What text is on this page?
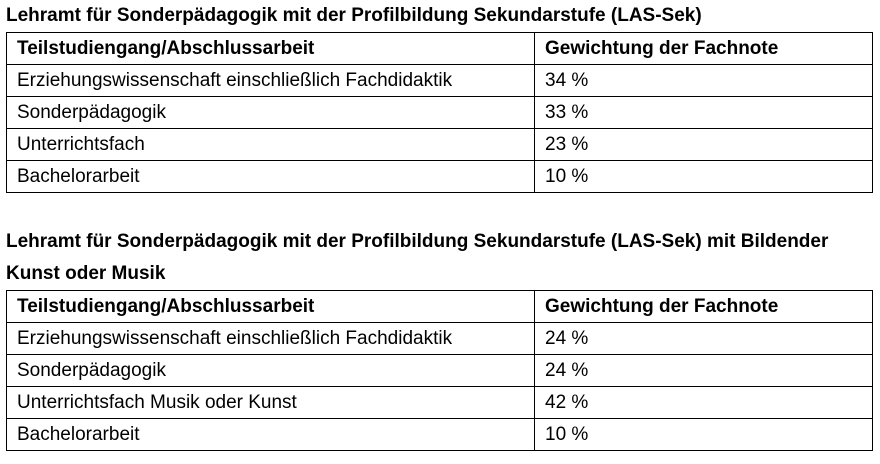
Lehramt für Sonderpädagogik mit der Profilbildung Sekundarstufe (LAS-Sek)

Teilstudiengang/Abschlussarbeit	Gewichtung der Fachnote
Erziehungswissenschaft einschließlich Fachdidaktik	34 %
Sonderpädagogik	33 %
Unterrichtsfach	23 %
Bachelorarbeit	10 %
Lehramt für Sonderpädagogik mit der Profilbildung Sekundarstufe (LAS-Sek) mit Bildender
Kunst oder Musik
Teilstudiengang/Abschlussarbeit	Gewichtung der Fachnote
Erziehungswissenschaft einschließlich Fachdidaktik	24 %
Sonderpädagogik	24 %
Unterrichtsfach Musik oder Kunst	42 %
Bachelorarbeit	10 %
